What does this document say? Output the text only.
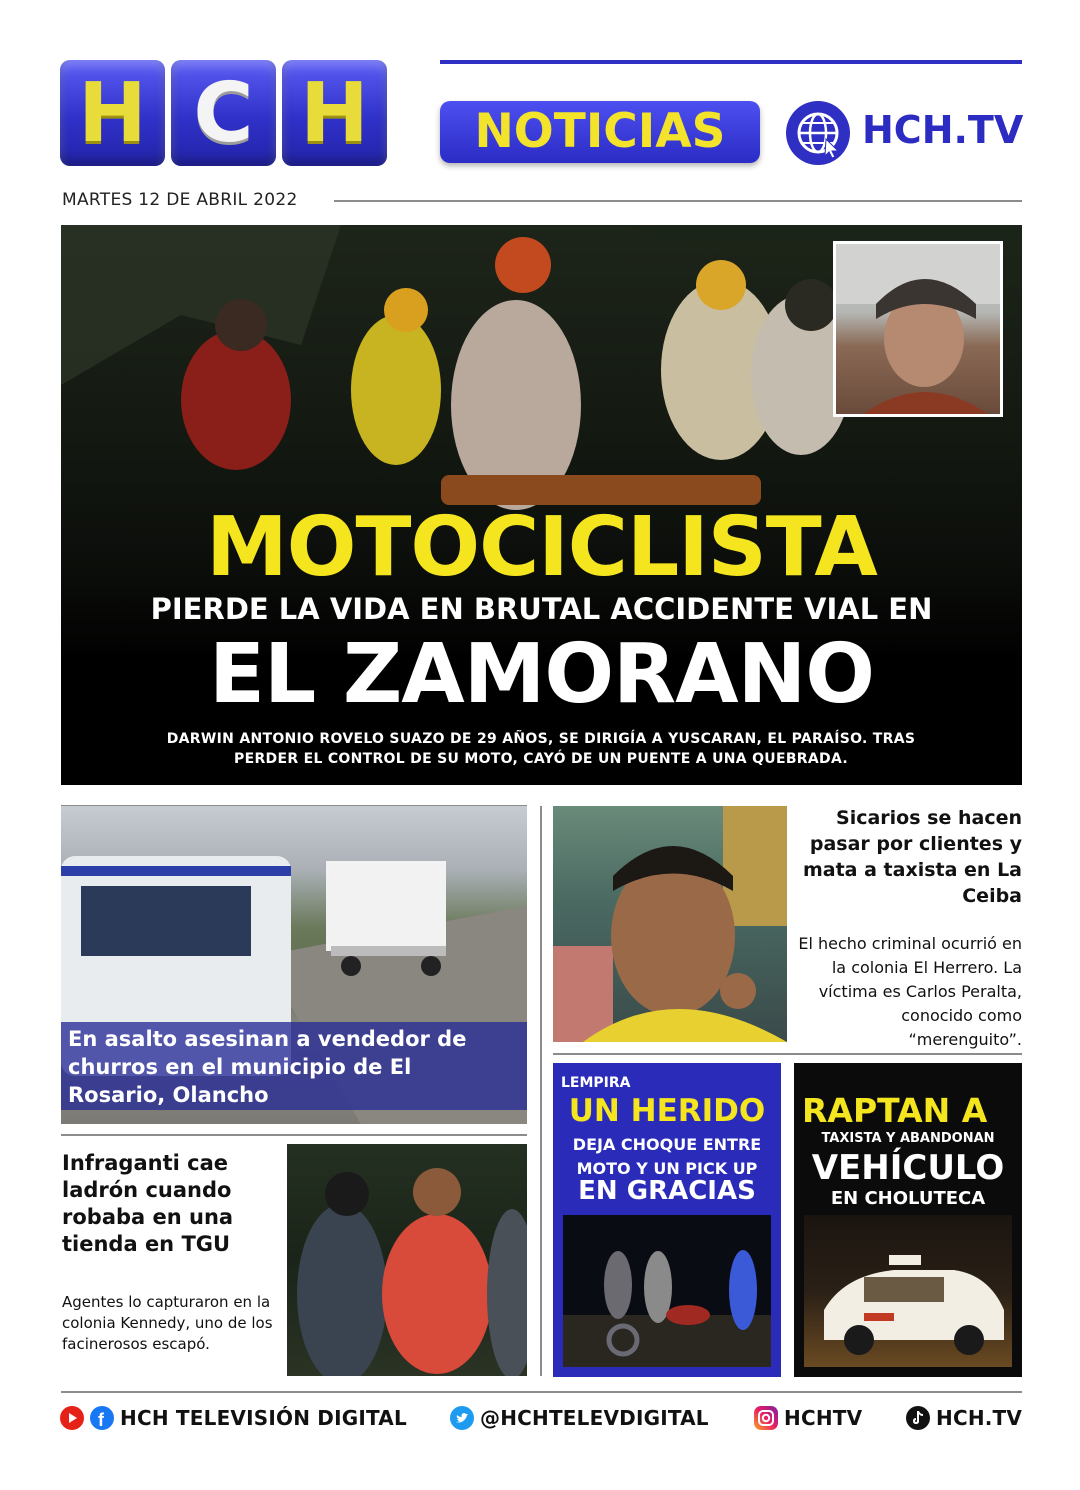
H C H	NOTICIAS	HCH.TV
MARTES 12 DE ABRIL 2022
MOTOCICLISTA
PIERDE LA VIDA EN BRUTAL ACCIDENTE VIAL EN
EL ZAMORANO
DARWIN ANTONIO ROVELO SUAZO DE 29 AÑOS, SE DIRIGÍA A YUSCARAN, EL PARAÍSO. TRAS PERDER EL CONTROL DE SU MOTO, CAYÓ DE UN PUENTE A UNA QUEBRADA.
En asalto asesinan a vendedor de churros en el municipio de El Rosario, Olancho
Sicarios se hacen pasar por clientes y mata a taxista en La Ceiba
El hecho criminal ocurrió en la colonia El Herrero. La víctima es Carlos Peralta, conocido como “merenguito”.
Infraganti cae ladrón cuando robaba en una tienda en TGU
Agentes lo capturaron en la colonia Kennedy, uno de los facinerosos escapó.
LEMPIRA
UN HERIDO
DEJA CHOQUE ENTRE MOTO Y UN PICK UP
EN GRACIAS
RAPTAN A
TAXISTA Y ABANDONAN
VEHÍCULO
EN CHOLUTECA
f HCH TELEVISIÓN DIGITAL	@HCHTELEVDIGITAL	HCHTV	HCH.TV
